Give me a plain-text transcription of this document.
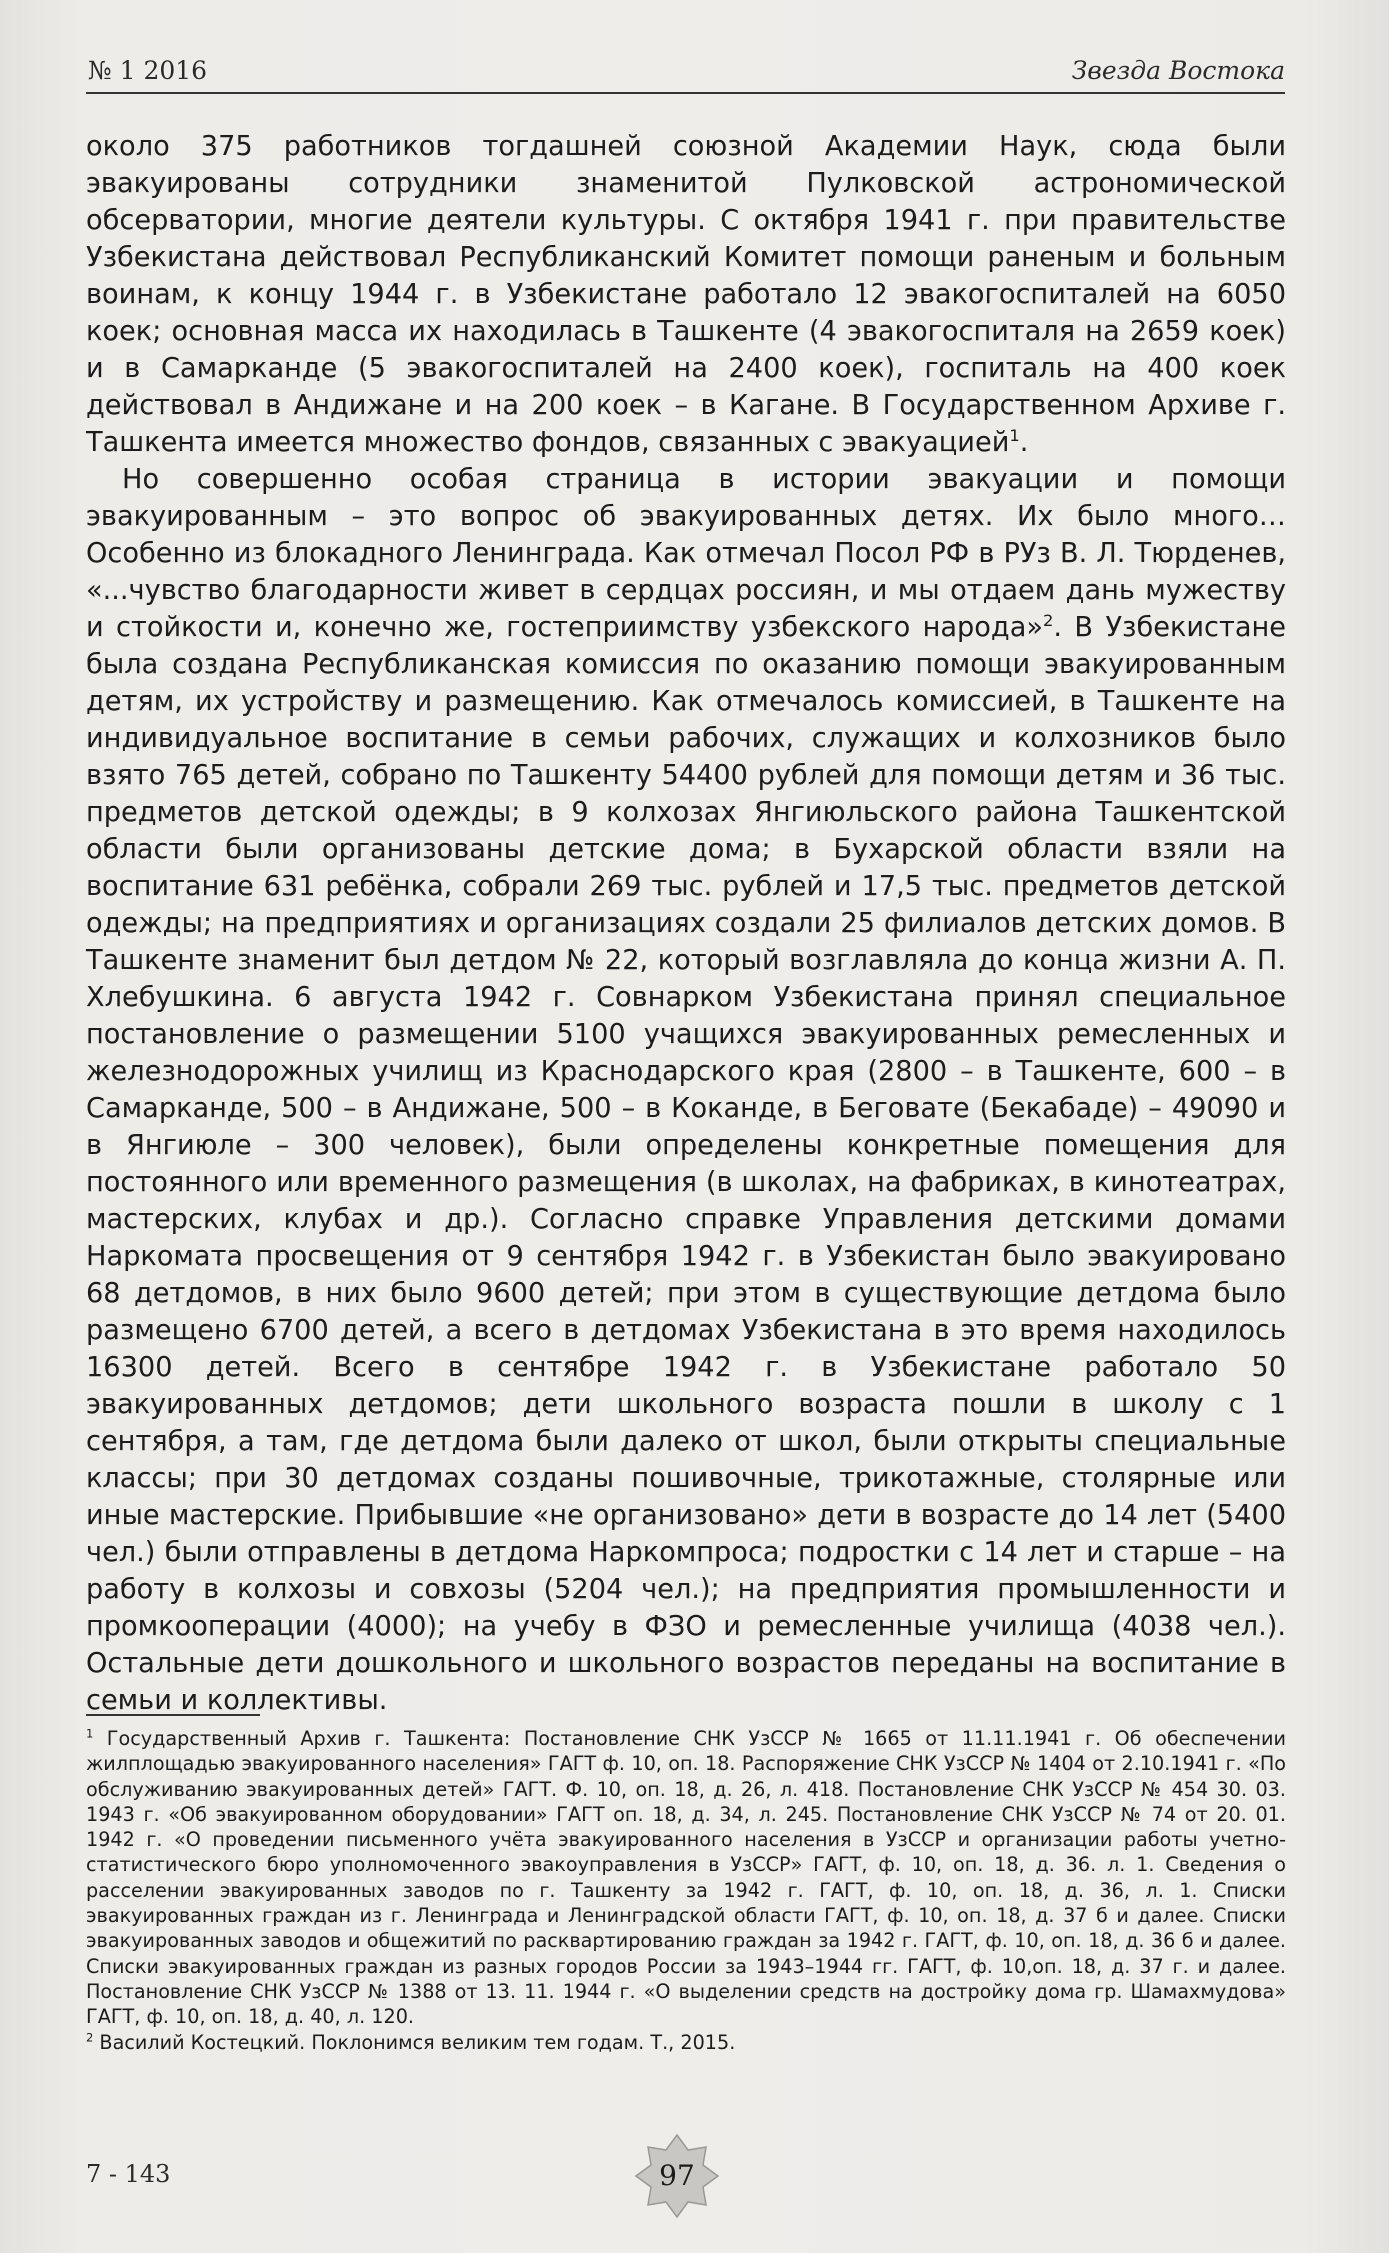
№ 1 2016	Звезда Востока

около 375 работников тогдашней союзной Академии Наук, сюда были эвакуированы сотрудники знаменитой Пулковской астрономической обсерватории, многие деятели культуры. С октября 1941 г. при правительстве Узбекистана действовал Республиканский Комитет помощи раненым и больным воинам, к концу 1944 г. в Узбекистане работало 12 эвакогоспиталей на 6050 коек; основная масса их находилась в Ташкенте (4 эвакогоспиталя на 2659 коек) и в Самарканде (5 эвакогоспиталей на 2400 коек), госпиталь на 400 коек действовал в Андижане и на 200 коек – в Кагане. В Государственном Архиве г. Ташкента имеется множество фондов, связанных с эвакуацией$^1$.

Но совершенно особая страница в истории эвакуации и помощи эвакуированным – это вопрос об эвакуированных детях. Их было много… Особенно из блокадного Ленинграда. Как отмечал Посол РФ в РУз В. Л. Тюрденев, «...чувство благодарности живет в сердцах россиян, и мы отдаем дань мужеству и стойкости и, конечно же, гостеприимству узбекского народа»$^2$. В Узбекистане была создана Республиканская комиссия по оказанию помощи эвакуированным детям, их устройству и размещению. Как отмечалось комиссией, в Ташкенте на индивидуальное воспитание в семьи рабочих, служащих и колхозников было взято 765 детей, собрано по Ташкенту 54400 рублей для помощи детям и 36 тыс. предметов детской одежды; в 9 колхозах Янгиюльского района Ташкентской области были организованы детские дома; в Бухарской области взяли на воспитание 631 ребёнка, собрали 269 тыс. рублей и 17,5 тыс. предметов детской одежды; на предприятиях и организациях создали 25 филиалов детских домов. В Ташкенте знаменит был детдом № 22, который возглавляла до конца жизни А. П. Хлебушкина. 6 августа 1942 г. Совнарком Узбекистана принял специальное постановление о размещении 5100 учащихся эвакуированных ремесленных и железнодорожных училищ из Краснодарского края (2800 – в Ташкенте, 600 – в Самарканде, 500 – в Андижане, 500 – в Коканде, в Беговате (Бекабаде) – 49090 и в Янгиюле – 300 человек), были определены конкретные помещения для постоянного или временного размещения (в школах, на фабриках, в кинотеатрах, мастерских, клубах и др.). Согласно справке Управления детскими домами Наркомата просвещения от 9 сентября 1942 г. в Узбекистан было эвакуировано 68 детдомов, в них было 9600 детей; при этом в существующие детдома было размещено 6700 детей, а всего в детдомах Узбекистана в это время находилось 16300 детей. Всего в сентябре 1942 г. в Узбекистане работало 50 эвакуированных детдомов; дети школьного возраста пошли в школу с 1 сентября, а там, где детдома были далеко от школ, были открыты специальные классы; при 30 детдомах созданы пошивочные, трикотажные, столярные или иные мастерские. Прибывшие «не организовано» дети в возрасте до 14 лет (5400 чел.) были отправлены в детдома Наркомпроса; подростки с 14 лет и старше – на работу в колхозы и совхозы (5204 чел.); на предприятия промышленности и промкооперации (4000); на учебу в ФЗО и ремесленные училища (4038 чел.). Остальные дети дошкольного и школьного возрастов переданы на воспитание в семьи и коллективы.

$^1$ Государственный Архив г. Ташкента: Постановление СНК УзССР № 1665 от 11.11.1941 г. Об обеспечении жилплощадью эвакуированного населения» ГАГТ ф. 10, оп. 18. Распоряжение СНК УзССР № 1404 от 2.10.1941 г. «По обслуживанию эвакуированных детей» ГАГТ. Ф. 10, оп. 18, д. 26, л. 418. Постановление СНК УзССР № 454 30. 03. 1943 г. «Об эвакуированном оборудовании» ГАГТ оп. 18, д. 34, л. 245. Постановление СНК УзССР № 74 от 20. 01. 1942 г. «О проведении письменного учёта эвакуированного населения в УзССР и организации работы учетно-статистического бюро уполномоченного эвакоуправления в УзССР» ГАГТ, ф. 10, оп. 18, д. 36. л. 1. Сведения о расселении эвакуированных заводов по г. Ташкенту за 1942 г. ГАГТ, ф. 10, оп. 18, д. 36, л. 1. Списки эвакуированных граждан из г. Ленинграда и Ленинградской области ГАГТ, ф. 10, оп. 18, д. 37 б и далее. Списки эвакуированных заводов и общежитий по расквартированию граждан за 1942 г. ГАГТ, ф. 10, оп. 18, д. 36 б и далее. Списки эвакуированных граждан из разных городов России за 1943–1944 гг. ГАГТ, ф. 10,оп. 18, д. 37 г. и далее. Постановление СНК УзССР № 1388 от 13. 11. 1944 г. «О выделении средств на достройку дома гр. Шамахмудова» ГАГТ, ф. 10, оп. 18, д. 40, л. 120.

$^2$ Василий Костецкий. Поклонимся великим тем годам. Т., 2015.

7 - 143	97
